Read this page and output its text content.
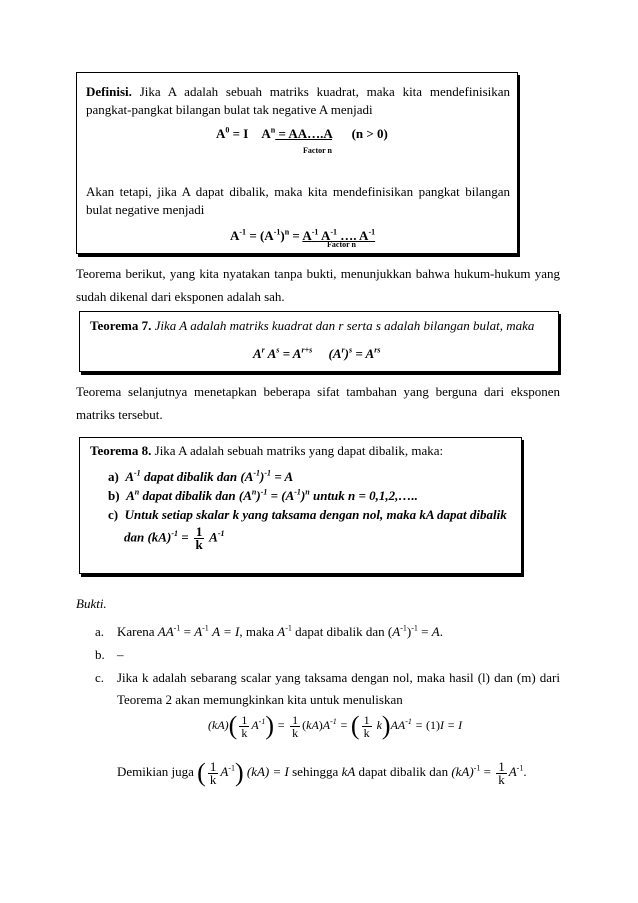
Definisi. Jika A adalah sebuah matriks kuadrat, maka kita mendefinisikan
pangkat-pangkat bilangan bulat tak negative A menjadi
$A^0 = I$ $A^n$ = AA….A (n > 0)
Factor n
Akan tetapi, jika A dapat dibalik, maka kita mendefinisikan pangkat bilangan
bulat negative menjadi
$A^{-1} = (A^{-1})^n = A^{-1}$ $A^{-1}$ …. $A^{-1}$
Factor n
Teorema berikut, yang kita nyatakan tanpa bukti, menunjukkan bahwa hukum-hukum yang
sudah dikenal dari eksponen adalah sah.
Teorema 7. Jika A adalah matriks kuadrat dan r serta s adalah bilangan bulat, maka
$A^r$ $A^s = A^{r+s}$     $(A^r)^s = A^{rs}$
Teorema selanjutnya menetapkan beberapa sifat tambahan yang berguna dari eksponen
matriks tersebut.
Teorema 8. Jika A adalah sebuah matriks yang dapat dibalik, maka:
a) $A^{-1}$ dapat dibalik dan $(A^{-1})^{-1} = A$
b) $A^n$ dapat dibalik dan $(A^n)^{-1} = (A^{-1})^n$ untuk n = 0,1,2,…..
c) Untuk setiap skalar k yang taksama dengan nol, maka kA dapat dibalik
dan $(kA)^{-1} = \frac{1}{k} A^{-1}$
Bukti.
a. Karena $AA^{-1} = A^{-1}$ A = I, maka $A^{-1}$ dapat dibalik dan $(A^{-1})^{-1} = A$.
b. –
c. Jika k adalah sebarang scalar yang taksama dengan nol, maka hasil (l) dan (m) dari
Teorema 2 akan memungkinkan kita untuk menuliskan
$(kA)( \frac{1}{k} A^{-1}) = \frac{1}{k} (kA)A^{-1}$ = ( $\frac{1}{k} k)AA^{-1} = (1)I = I$
Demikian juga ( $\frac{1}{k} A^{-1}$) (kA) = I sehingga kA dapat dibalik dan $(kA)^{-1} = \frac{1}{k} A^{-1}$.
